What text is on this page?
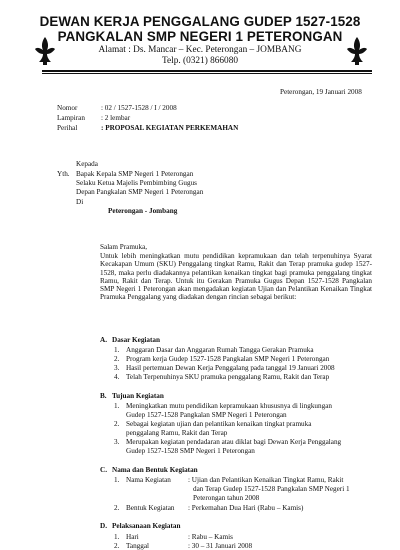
DEWAN KERJA PENGGALANG GUDEP 1527-1528
PANGKALAN SMP NEGERI 1 PETERONGAN
Alamat : Ds. Mancar – Kec. Peterongan – JOMBANG
Telp. (0321) 866080
Peterongan, 19 Januari 2008
Nomor	: 02 / 1527-1528 / I / 2008
Lampiran : 2 lembar
Perihal	: PROPOSAL KEGIATAN PERKEMAHAN
Kepada
Yth. Bapak Kepala SMP Negeri 1 Peterongan
Selaku Ketua Majelis Pembimbing Gugus
Depan Pangkalan SMP Negeri 1 Peterongan
Di
Peterongan - Jombang
Salam Pramuka,
Untuk lebih meningkatkan mutu pendidikan kepramukaan dan telah terpenuhinya Syarat Kecakapan Umum (SKU) Penggalang tingkat Ramu, Rakit dan Terap pramuka gudep 1527-1528, maka perlu diadakannya pelantikan kenaikan tingkat bagi pramuka penggalang tingkat Ramu, Rakit dan Terap. Untuk itu Gerakan Pramuka Gugus Depan 1527-1528 Pangkalan SMP Negeri 1 Peterongan akan mengadakan kegiatan Ujian dan Pelantikan Kenaikan Tingkat Pramuka Penggalang yang diadakan dengan rincian sebagai berikut:
A. Dasar Kegiatan
1. Anggaran Dasar dan Anggaran Rumah Tangga Gerakan Pramuka
2. Program kerja Gudep 1527-1528 Pangkalan SMP Negeri 1 Peterongan
3. Hasil pertemuan Dewan Kerja Penggalang pada tanggal 19 Januari 2008
4. Telah Terpenuhinya SKU pramuka penggalang Ramu, Rakit dan Terap
B. Tujuan Kegiatan
1. Meningkatkan mutu pendidikan kepramukaan khususnya di lingkungan
Gudep 1527-1528 Pangkalan SMP Negeri 1 Peterongan
2. Sebagai kegiatan ujian dan pelantikan kenaikan tingkat pramuka
penggalang Ramu, Rakit dan Terap
3. Merupakan kegiatan pendadaran atau diklat bagi Dewan Kerja Penggalang
Gudep 1527-1528 SMP Negeri 1 Peterongan
C. Nama dan Bentuk Kegiatan
1. Nama Kegiatan : Ujian dan Pelantikan Kenaikan Tingkat Ramu, Rakit
dan Terap Gudep 1527-1528 Pangkalan SMP Negeri 1
Peterongan tahun 2008
2. Bentuk Kegiatan : Perkemahan Dua Hari (Rabu – Kamis)
D. Pelaksanaan Kegiatan
1. Hari	: Rabu – Kamis
2. Tanggal	: 30 – 31 Januari 2008
